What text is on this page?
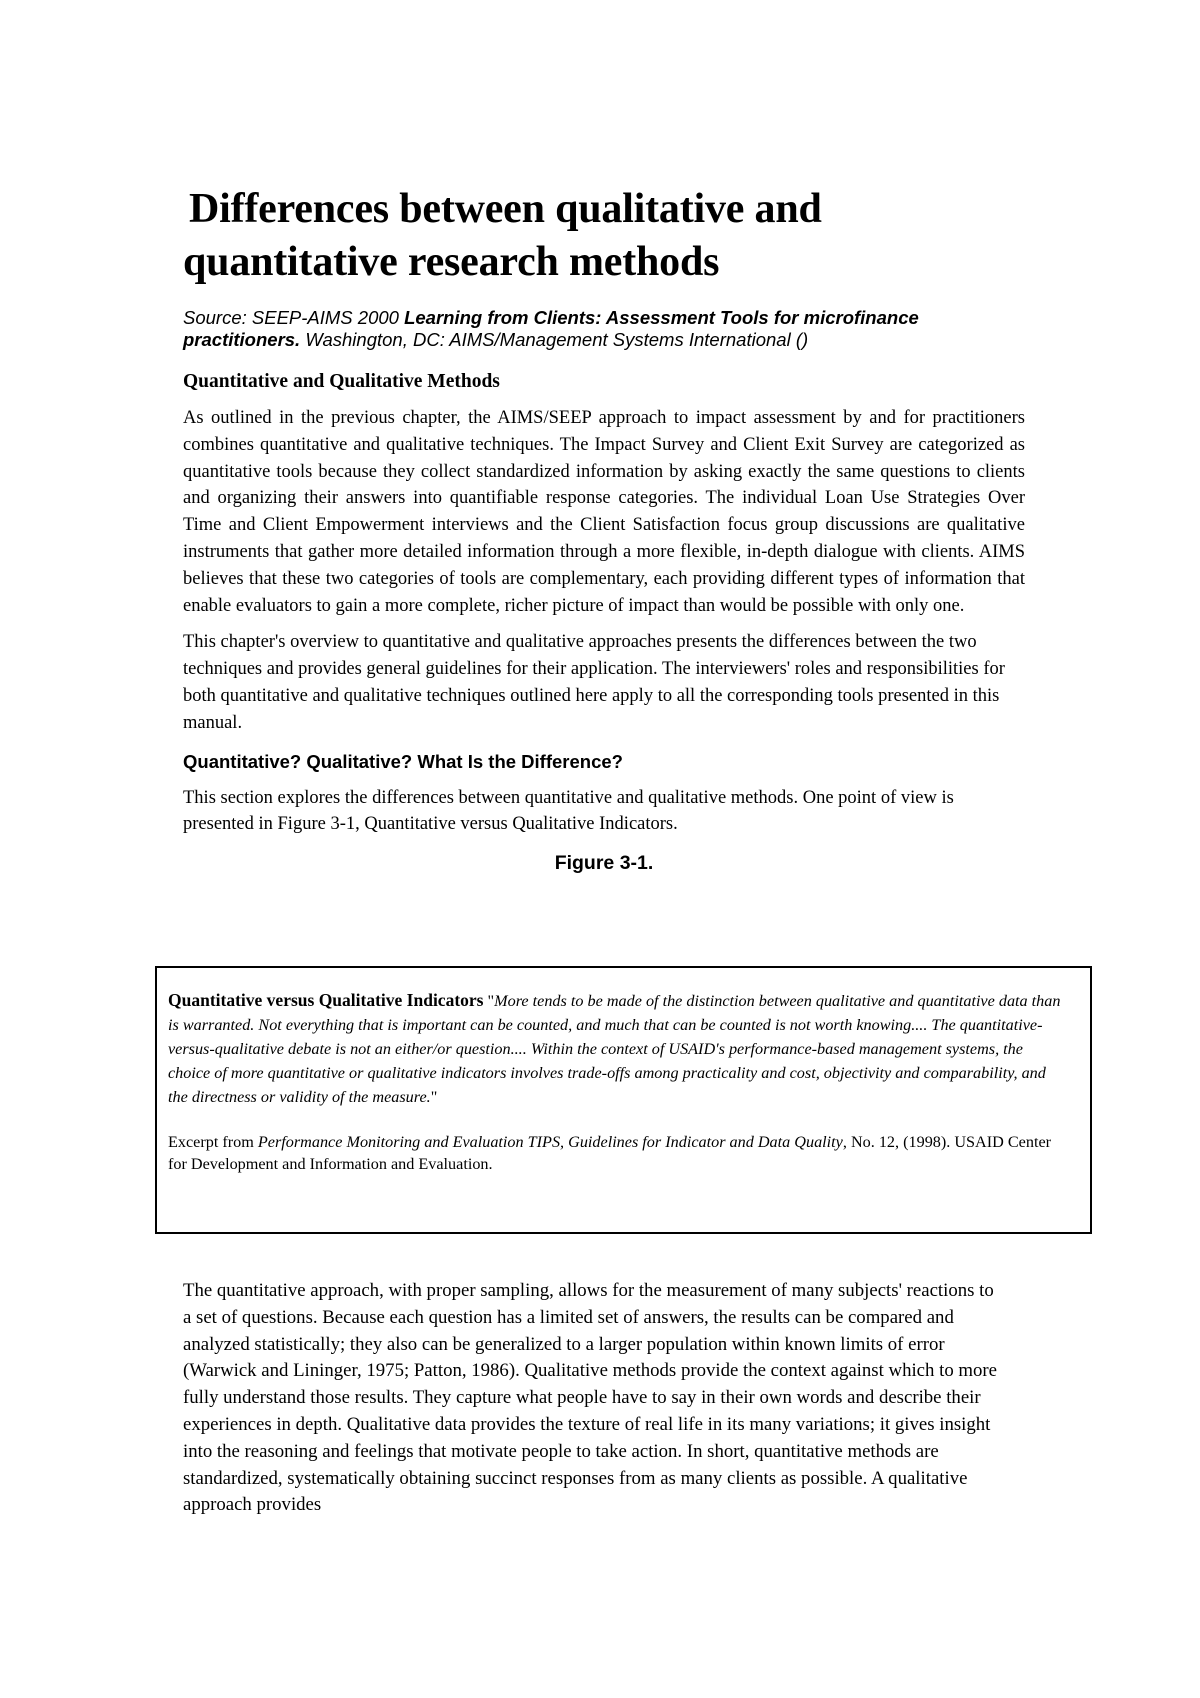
Differences between qualitative and
quantitative research methods

Source: SEEP-AIMS 2000 Learning from Clients: Assessment Tools for microfinance practitioners. Washington, DC: AIMS/Management Systems International ()

Quantitative and Qualitative Methods

As outlined in the previous chapter, the AIMS/SEEP approach to impact assessment by and for practitioners combines quantitative and qualitative techniques. The Impact Survey and Client Exit Survey are categorized as quantitative tools because they collect standardized information by asking exactly the same questions to clients and organizing their answers into quantifiable response categories. The individual Loan Use Strategies Over Time and Client Empowerment interviews and the Client Satisfaction focus group discussions are qualitative instruments that gather more detailed information through a more flexible, in-depth dialogue with clients. AIMS believes that these two categories of tools are complementary, each providing different types of information that enable evaluators to gain a more complete, richer picture of impact than would be possible with only one.

This chapter's overview to quantitative and qualitative approaches presents the differences between the two techniques and provides general guidelines for their application. The interviewers' roles and responsibilities for both quantitative and qualitative techniques outlined here apply to all the corresponding tools presented in this manual.

Quantitative? Qualitative? What Is the Difference?

This section explores the differences between quantitative and qualitative methods. One point of view is presented in Figure 3-1, Quantitative versus Qualitative Indicators.

Figure 3-1.

Quantitative versus Qualitative Indicators "More tends to be made of the distinction between qualitative and quantitative data than is warranted. Not everything that is important can be counted, and much that can be counted is not worth knowing.... The quantitative-versus-qualitative debate is not an either/or question.... Within the context of USAID's performance-based management systems, the choice of more quantitative or qualitative indicators involves trade-offs among practicality and cost, objectivity and comparability, and the directness or validity of the measure."

Excerpt from Performance Monitoring and Evaluation TIPS, Guidelines for Indicator and Data Quality, No. 12, (1998). USAID Center for Development and Information and Evaluation.

The quantitative approach, with proper sampling, allows for the measurement of many subjects' reactions to a set of questions. Because each question has a limited set of answers, the results can be compared and analyzed statistically; they also can be generalized to a larger population within known limits of error (Warwick and Lininger, 1975; Patton, 1986). Qualitative methods provide the context against which to more fully understand those results. They capture what people have to say in their own words and describe their experiences in depth. Qualitative data provides the texture of real life in its many variations; it gives insight into the reasoning and feelings that motivate people to take action. In short, quantitative methods are standardized, systematically obtaining succinct responses from as many clients as possible. A qualitative approach provides
